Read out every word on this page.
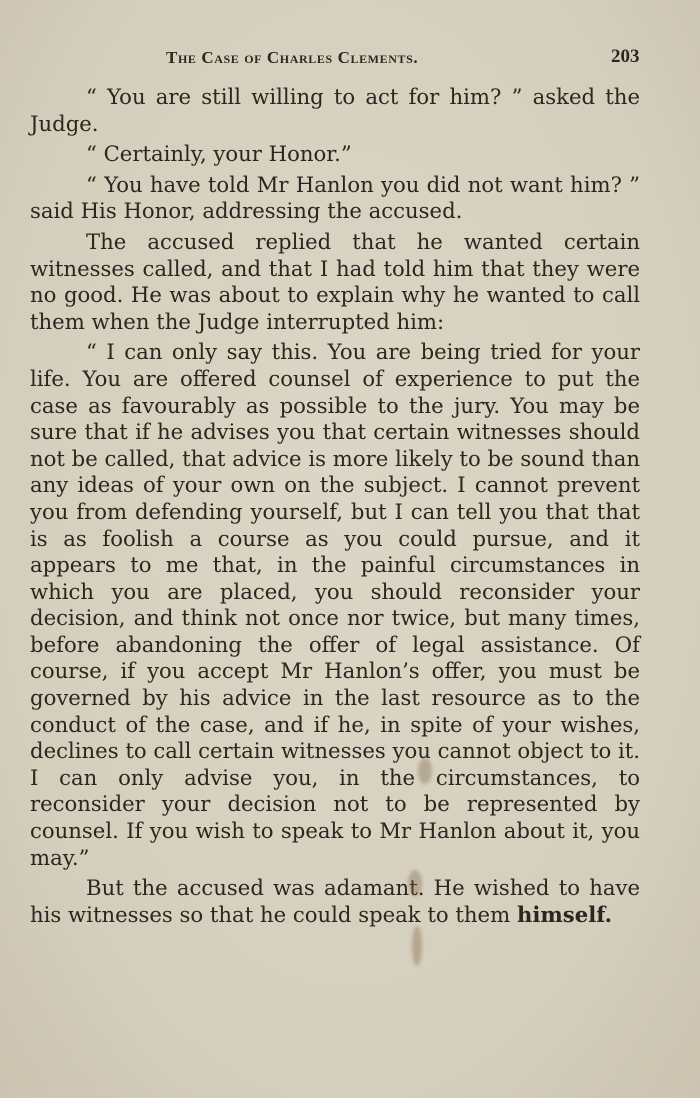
The Case of Charles Clements.	203

“ You are still willing to act for him? ” asked the Judge.

“ Certainly, your Honor.”

“ You have told Mr Hanlon you did not want him? ” said His Honor, addressing the accused.

The accused replied that he wanted certain witnesses called, and that I had told him that they were no good. He was about to explain why he wanted to call them when the Judge interrupted him:

“ I can only say this. You are being tried for your life. You are offered counsel of experience to put the case as favourably as possible to the jury. You may be sure that if he advises you that certain witnesses should not be called, that advice is more likely to be sound than any ideas of your own on the subject. I cannot prevent you from defending yourself, but I can tell you that that is as foolish a course as you could pursue, and it appears to me that, in the painful circumstances in which you are placed, you should reconsider your decision, and think not once nor twice, but many times, before abandoning the offer of legal assistance. Of course, if you accept Mr Hanlon’s offer, you must be governed by his advice in the last resource as to the conduct of the case, and if he, in spite of your wishes, declines to call certain witnesses you cannot object to it. I can only advise you, in the circumstances, to reconsider your decision not to be represented by counsel. If you wish to speak to Mr Hanlon about it, you may.”

But the accused was adamant. He wished to have his witnesses so that he could speak to them himself.
